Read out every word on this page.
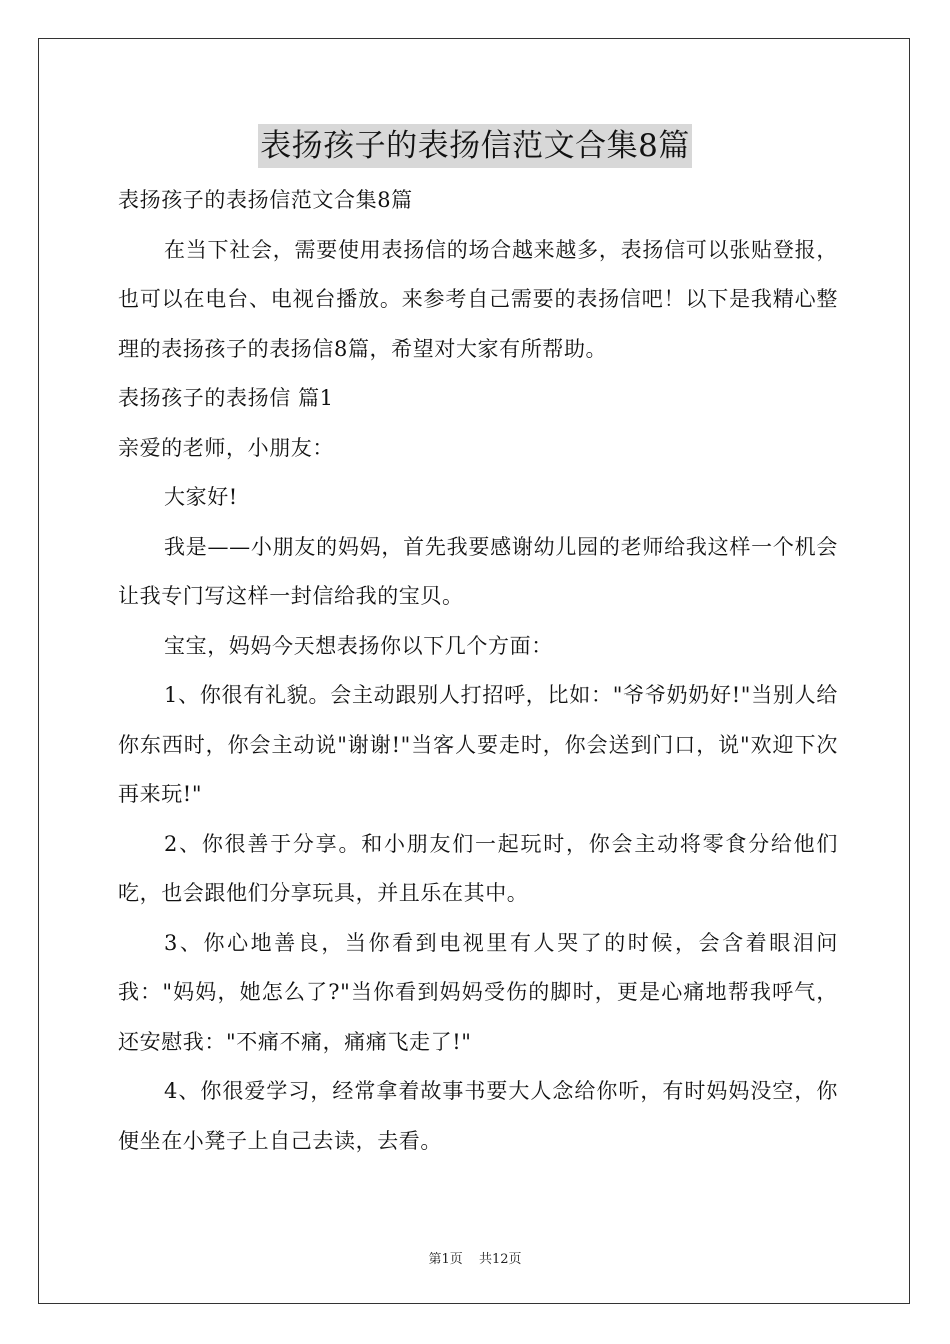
表扬孩子的表扬信范文合集8篇

表扬孩子的表扬信范文合集8篇

在当下社会，需要使用表扬信的场合越来越多，表扬信可以张贴登报，也可以在电台、电视台播放。来参考自己需要的表扬信吧！以下是我精心整理的表扬孩子的表扬信8篇，希望对大家有所帮助。

表扬孩子的表扬信 篇1

亲爱的老师，小朋友：

大家好!

我是——小朋友的妈妈，首先我要感谢幼儿园的老师给我这样一个机会让我专门写这样一封信给我的宝贝。

宝宝，妈妈今天想表扬你以下几个方面：

1、你很有礼貌。会主动跟别人打招呼，比如："爷爷奶奶好!"当别人给你东西时，你会主动说"谢谢!"当客人要走时，你会送到门口，说"欢迎下次再来玩!"

2、你很善于分享。和小朋友们一起玩时，你会主动将零食分给他们吃，也会跟他们分享玩具，并且乐在其中。

3、你心地善良，当你看到电视里有人哭了的时候，会含着眼泪问我："妈妈，她怎么了?"当你看到妈妈受伤的脚时，更是心痛地帮我呼气，还安慰我："不痛不痛，痛痛飞走了!"

4、你很爱学习，经常拿着故事书要大人念给你听，有时妈妈没空，你便坐在小凳子上自己去读，去看。

第1页 共12页
